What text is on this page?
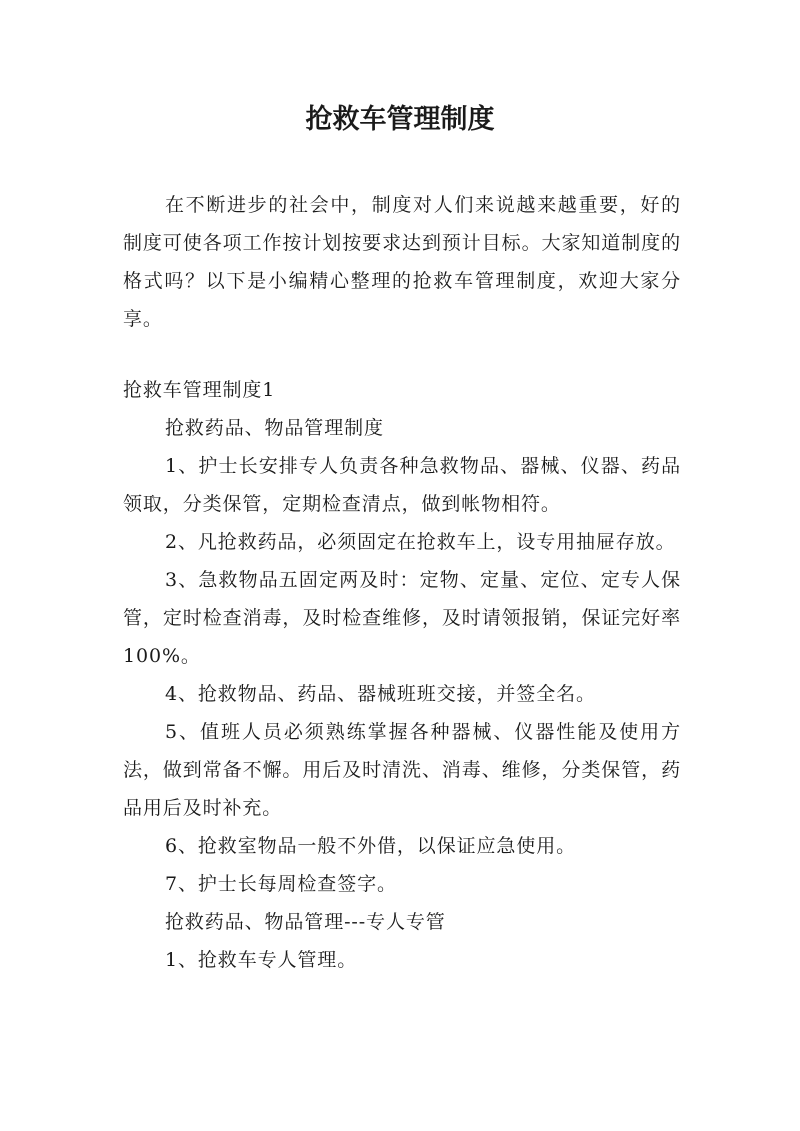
抢救车管理制度

在不断进步的社会中，制度对人们来说越来越重要，好的制度可使各项工作按计划按要求达到预计目标。大家知道制度的格式吗？以下是小编精心整理的抢救车管理制度，欢迎大家分享。

抢救车管理制度1

抢救药品、物品管理制度

1、护士长安排专人负责各种急救物品、器械、仪器、药品领取，分类保管，定期检查清点，做到帐物相符。

2、凡抢救药品，必须固定在抢救车上，设专用抽屉存放。

3、急救物品五固定两及时：定物、定量、定位、定专人保管，定时检查消毒，及时检查维修，及时请领报销，保证完好率100%。

4、抢救物品、药品、器械班班交接，并签全名。

5、值班人员必须熟练掌握各种器械、仪器性能及使用方法，做到常备不懈。用后及时清洗、消毒、维修，分类保管，药品用后及时补充。

6、抢救室物品一般不外借，以保证应急使用。

7、护士长每周检查签字。

抢救药品、物品管理---专人专管

1、抢救车专人管理。
